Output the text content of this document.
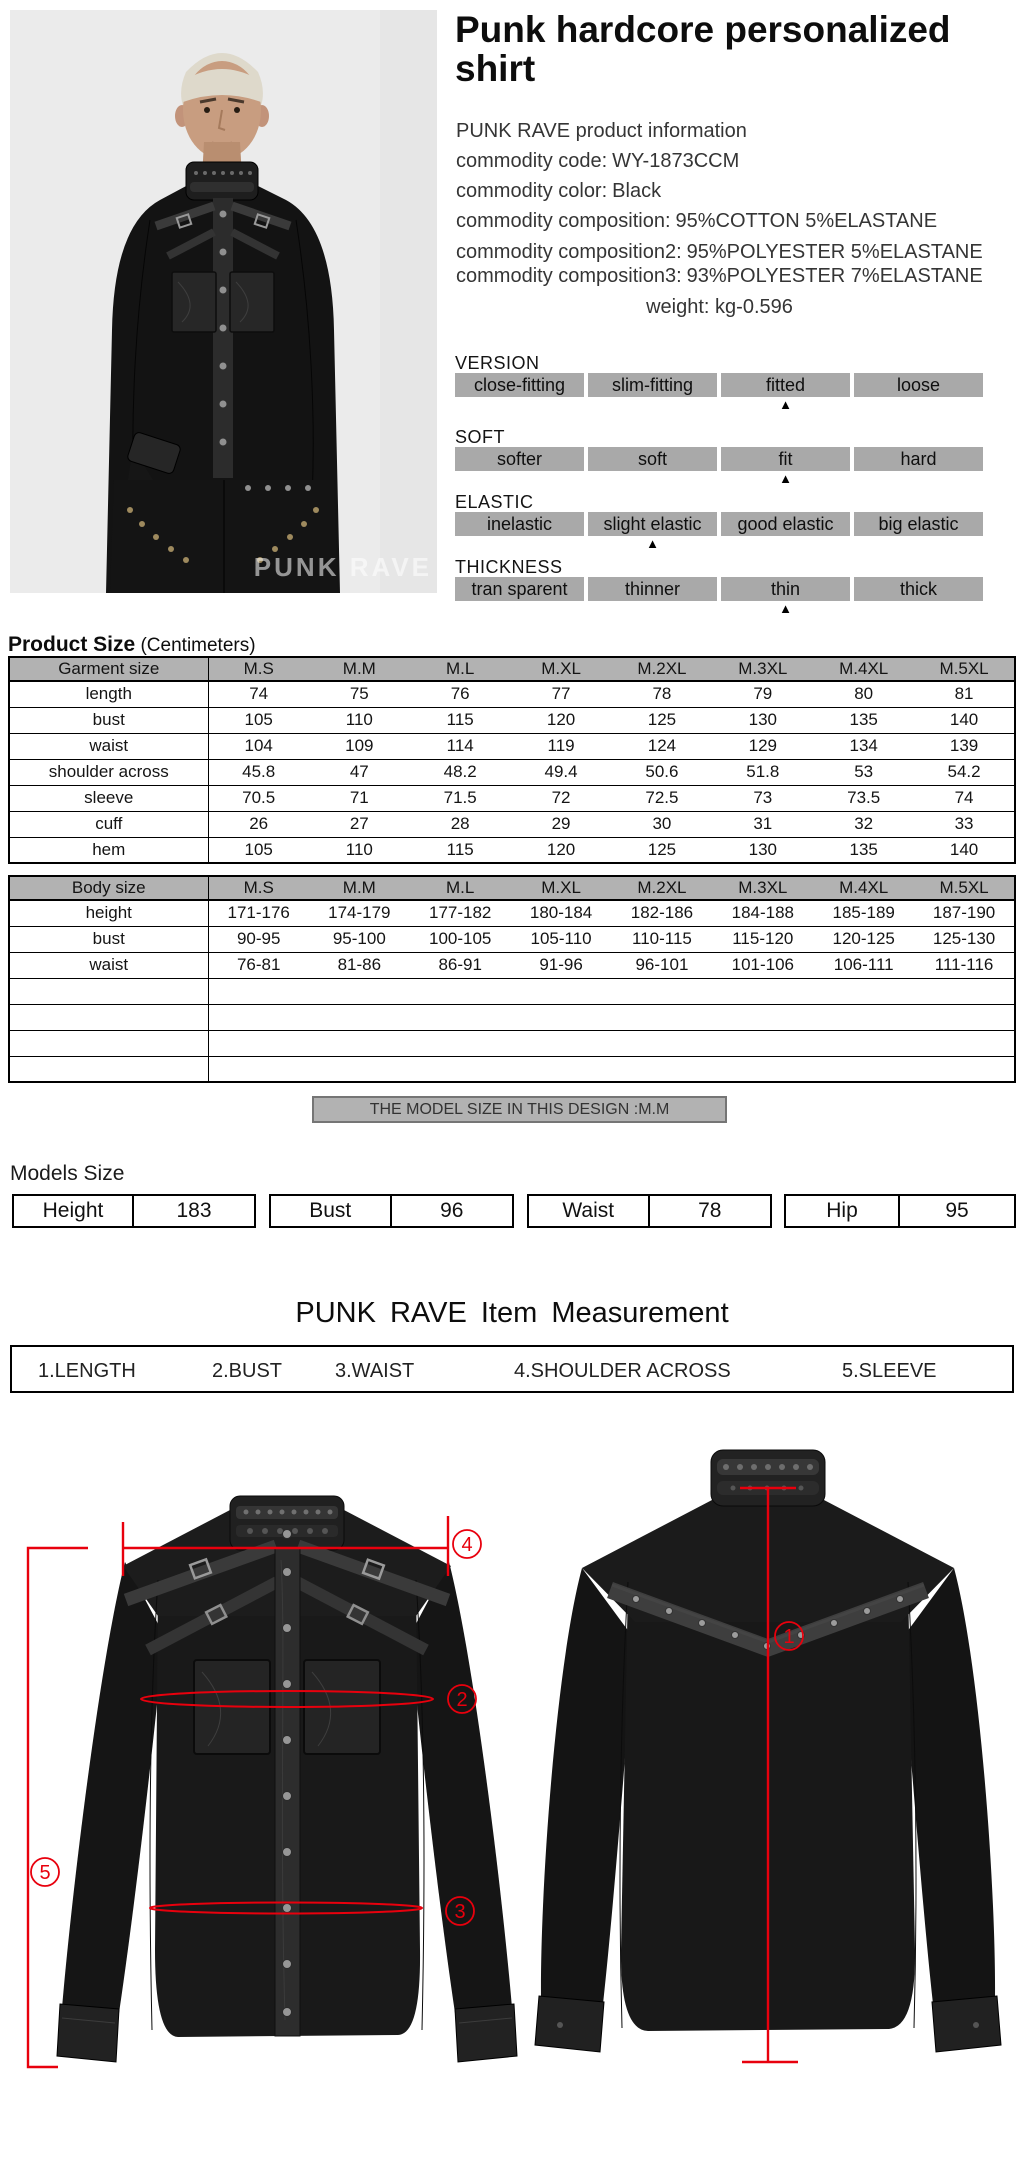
PUNK RAVE
Punk hardcore personalized shirt
PUNK RAVE product information
commodity code: WY-1873CCM
commodity color: Black
commodity composition: 95%COTTON 5%ELASTANE
commodity composition2: 95%POLYESTER 5%ELASTANE
commodity composition3: 93%POLYESTER 7%ELASTANE
weight: kg-0.596
VERSION
close-fitting	slim-fitting	fitted
▲
loose
SOFT
softer	soft	fit
▲
hard
ELASTIC
inelastic	slight elastic
▲
good elastic	big elastic
THICKNESS
tran sparent	thinner	thin
▲
thick
Product Size (Centimeters)
Garment size	M.S	M.M	M.L	M.XL	M.2XL	M.3XL	M.4XL	M.5XL
length	74	75	76	77	78	79	80	81
bust	105	110	115	120	125	130	135	140
waist	104	109	114	119	124	129	134	139
shoulder across	45.8	47	48.2	49.4	50.6	51.8	53	54.2
sleeve	70.5	71	71.5	72	72.5	73	73.5	74
cuff	26	27	28	29	30	31	32	33
hem	105	110	115	120	125	130	135	140
Body size	M.S	M.M	M.L	M.XL	M.2XL	M.3XL	M.4XL	M.5XL
height	171-176	174-179	177-182	180-184	182-186	184-188	185-189	187-190
bust	90-95	95-100	100-105	105-110	110-115	115-120	120-125	125-130
waist	76-81	81-86	86-91	91-96	96-101	101-106	106-111	111-116

THE MODEL SIZE IN THIS DESIGN :M.M
Models Size
Height	183	Bust	96	Waist	78	Hip	95
PUNK RAVE Item Measurement
1.LENGTH	2.BUST	3.WAIST	4.SHOULDER ACROSS	5.SLEEVE
4
2
3
5
1
